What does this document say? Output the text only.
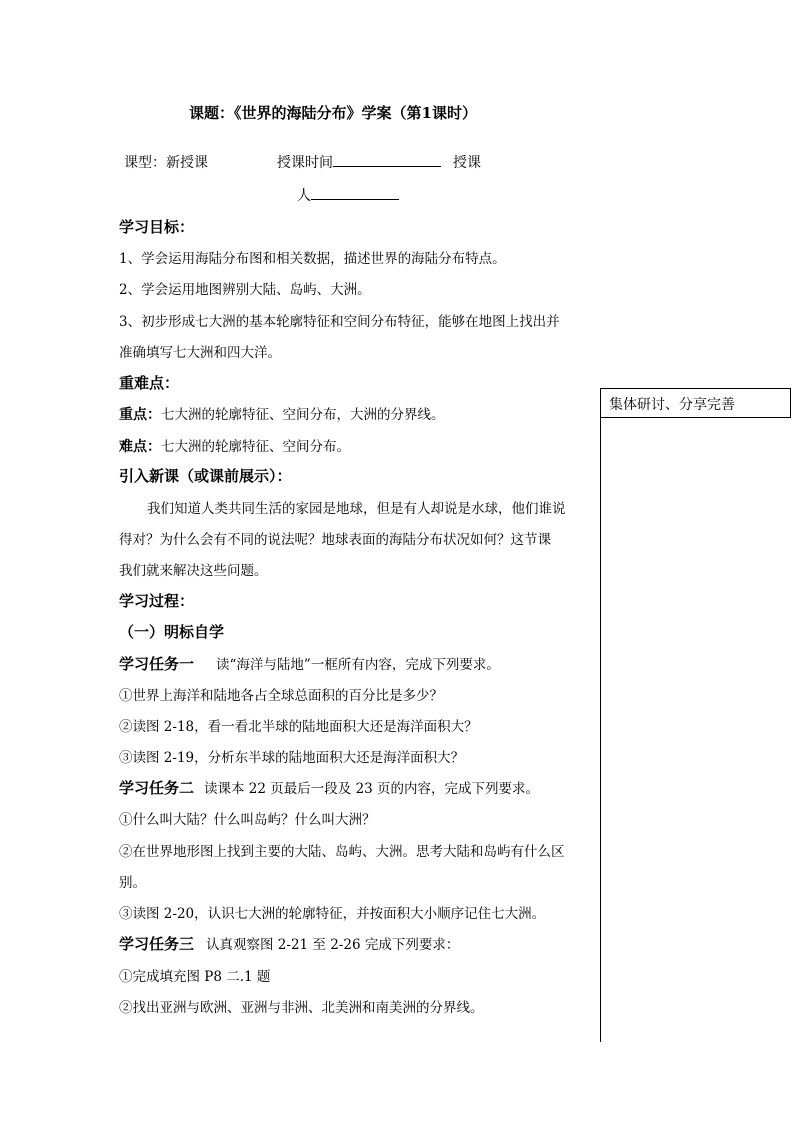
课题：《世界的海陆分布》学案（第1课时）
课型：新授课	授课时间	授课
人
学习目标：
1、学会运用海陆分布图和相关数据，描述世界的海陆分布特点。
2、学会运用地图辨别大陆、岛屿、大洲。
3、初步形成七大洲的基本轮廓特征和空间分布特征，能够在地图上找出并
准确填写七大洲和四大洋。
重难点：
重点：七大洲的轮廓特征、空间分布，大洲的分界线。
难点：七大洲的轮廓特征、空间分布。
引入新课（或课前展示）：
我们知道人类共同生活的家园是地球，但是有人却说是水球，他们谁说
得对？为什么会有不同的说法呢？地球表面的海陆分布状况如何？这节课
我们就来解决这些问题。
学习过程：
（一）明标自学
学习任务一 读“海洋与陆地”一框所有内容，完成下列要求。
①世界上海洋和陆地各占全球总面积的百分比是多少？
②读图 2-18，看一看北半球的陆地面积大还是海洋面积大？
③读图 2-19，分析东半球的陆地面积大还是海洋面积大？
学习任务二 读课本 22 页最后一段及 23 页的内容，完成下列要求。
①什么叫大陆？什么叫岛屿？什么叫大洲？
②在世界地形图上找到主要的大陆、岛屿、大洲。思考大陆和岛屿有什么区
别。
③读图 2-20，认识七大洲的轮廓特征，并按面积大小顺序记住七大洲。
学习任务三 认真观察图 2-21 至 2-26 完成下列要求：
①完成填充图 P8 二.1 题
②找出亚洲与欧洲、亚洲与非洲、北美洲和南美洲的分界线。
集体研讨、分享完善
